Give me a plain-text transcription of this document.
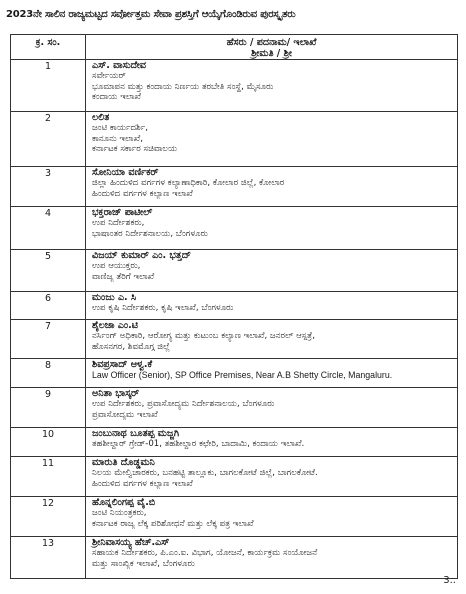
2023ನೇ ಸಾಲಿನ ರಾಜ್ಯಮಟ್ಟದ ಸರ್ವೋತ್ತಮ ಸೇವಾ ಪ್ರಶಸ್ತಿಗೆ ಆಯ್ಕೆಗೊಂಡಿರುವ ಪುರಸ್ಕೃತರು
ಕ್ರ. ಸಂ.	ಹೆಸರು / ಪದನಾಮ/ ಇಲಾಖೆ
ಶ್ರೀಮತಿ / ಶ್ರೀ

1	ಎಸ್. ವಾಸುದೇವ
ಸರ್ವೇಯರ್
ಭೂಮಾಪನ ಮತ್ತು ಕಂದಾಯ ನಿರ್ಣಯ ತರಬೇತಿ ಸಂಸ್ಥೆ, ಮೈಸೂರು
ಕಂದಾಯ ಇಲಾಖೆ

2	ಲಲಿತ
ಜಂಟಿ ಕಾರ್ಯದರ್ಶಿ,
ಕಾನೂನು ಇಲಾಖೆ,
ಕರ್ನಾಟಕ ಸರ್ಕಾರ ಸಚಿವಾಲಯ

3	ಸೋನಿಯಾ ವರ್ಣಿಕರ್
ಜಿಲ್ಲಾ ಹಿಂದುಳಿದ ವರ್ಗಗಳ ಕಲ್ಯಾಣಾಧಿಕಾರಿ, ಕೋಲಾರ ಜಿಲ್ಲೆ, ಕೋಲಾರ
ಹಿಂದುಳಿದ ವರ್ಗಗಳ ಕಲ್ಯಾಣ ಇಲಾಖೆ

4	ಭಕ್ತರಾಜ್ ಪಾಟೀಲ್
ಉಪ ನಿರ್ದೇಶಕರು,
ಭಾಷಾಂತರ ನಿರ್ದೇಶನಾಲಯ, ಬೆಂಗಳೂರು

5	ವಿಜಯ್ ಕುಮಾರ್ ಎಂ. ಭತ್ತದ್
ಉಪ ಆಯುಕ್ತರು,
ವಾಣಿಜ್ಯ ತೆರಿಗೆ ಇಲಾಖೆ

6	ಮಂಜು ಎ. ಸಿ
ಉಪ ಕೃಷಿ ನಿರ್ದೇಶಕರು, ಕೃಷಿ ಇಲಾಖೆ, ಬೆಂಗಳೂರು

7	ಶೈಲಜಾ ಎಂ.ಟಿ
ನರ್ಸಿಂಗ್ ಅಧಿಕಾರಿ, ಆರೋಗ್ಯ ಮತ್ತು ಕುಟುಂಬ ಕಲ್ಯಾಣ ಇಲಾಖೆ, ಜನರಲ್ ಆಸ್ಪತ್ರೆ,
ಹೊಸನಗರ, ಶಿವಮೊಗ್ಗ ಜಿಲ್ಲೆ

8	ಶಿವಪ್ರಸಾದ್ ಆಳ್ವ.ಕೆ
Law Officer (Senior), SP Office Premises, Near A.B Shetty Circle, Mangaluru.

9	ಅನಿತಾ ಭಾಸ್ಕರ್
ಉಪ ನಿರ್ದೇಶಕರು, ಪ್ರವಾಸೋದ್ಯಮ ನಿರ್ದೇಶನಾಲಯ, ಬೆಂಗಳೂರು
ಪ್ರವಾಸೋದ್ಯಮ ಇಲಾಖೆ

10	ಜಂಬುನಾಥ ಬೂತಪ್ಪ ಮಜ್ಜಗಿ
ತಹಶೀಲ್ದಾರ್ ಗ್ರೇಡ್-01, ತಹಶೀಲ್ದಾರ ಕಛೇರಿ, ಬಾದಾಮಿ, ಕಂದಾಯ ಇಲಾಖೆ.

11	ಮಾರುತಿ ದೊಡ್ಡಮನಿ
ನಿಲಯ ಮೇಲ್ವಿಚಾರಕರು, ಬನಹಟ್ಟಿ ತಾಲ್ಲೂಕು, ಬಾಗಲಕೋಟೆ ಜಿಲ್ಲೆ, ಬಾಗಲಕೋಟೆ.
ಹಿಂದುಳಿದ ವರ್ಗಗಳ ಕಲ್ಯಾಣ ಇಲಾಖೆ

12	ಹೊನ್ನಲಿಂಗಪ್ಪ ವೈ.ಬಿ
ಜಂಟಿ ನಿಯಂತ್ರಕರು,
ಕರ್ನಾಟಕ ರಾಜ್ಯ ಲೆಕ್ಕ ಪರಿಶೋಧನೆ ಮತ್ತು ಲೆಕ್ಕ ಪತ್ರ ಇಲಾಖೆ

13	ಶ್ರೀನಿವಾಸಯ್ಯ ಹೆಚ್.ಎಸ್
ಸಹಾಯಕ ನಿರ್ದೇಶಕರು, ಪಿ.ಎಂ.ಐ. ವಿಭಾಗ, ಯೋಜನೆ, ಕಾರ್ಯಕ್ರಮ ಸಂಯೋಜನೆ
ಮತ್ತು ಸಾಂಖ್ಯಿಕ ಇಲಾಖೆ, ಬೆಂಗಳೂರು
3..
